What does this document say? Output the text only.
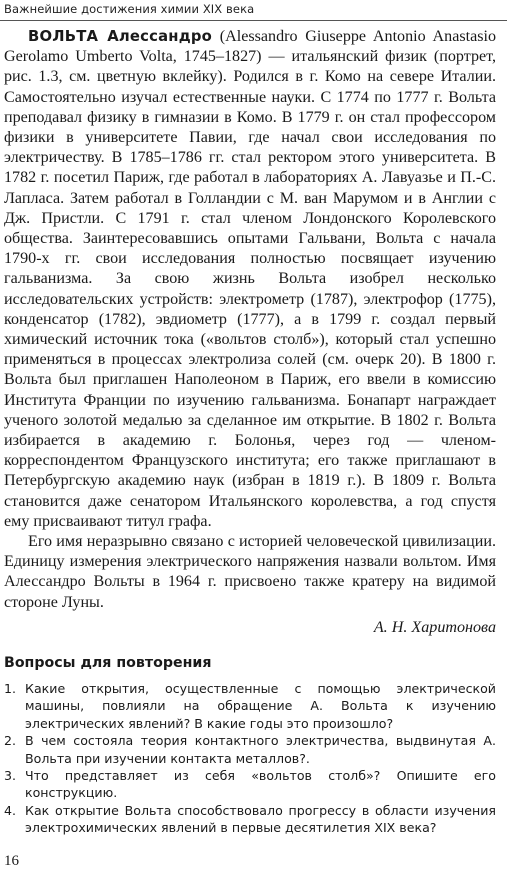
Важнейшие достижения химии XIX века

ВОЛЬТА Алессандро (Alessandro Giuseppe Antonio Anastasio Gerolamo Umberto Volta, 1745–1827) — итальянский физик (портрет, рис. 1.3, см. цветную вклейку). Родился в г. Комо на севере Италии. Самостоятельно изучал естественные науки. С 1774 по 1777 г. Вольта преподавал физику в гимназии в Комо. В 1779 г. он стал профессором физики в университете Павии, где начал свои исследования по электричеству. В 1785–1786 гг. стал ректором этого университета. В 1782 г. посетил Париж, где работал в лабораториях А. Лавуазье и П.-С. Лапласа. Затем работал в Голландии с М. ван Марумом и в Англии с Дж. Пристли. С 1791 г. стал членом Лондонского Королевского общества. Заинтересовавшись опытами Гальвани, Вольта с начала 1790-х гг. свои исследования полностью посвящает изучению гальванизма. За свою жизнь Вольта изобрел несколько исследовательских устройств: электрометр (1787), электрофор (1775), конденсатор (1782), эвдиометр (1777), а в 1799 г. создал первый химический источник тока («вольтов столб»), который стал успешно применяться в процессах электролиза солей (см. очерк 20). В 1800 г. Вольта был приглашен Наполеоном в Париж, его ввели в комиссию Института Франции по изучению гальванизма. Бонапарт награждает ученого золотой медалью за сделанное им открытие. В 1802 г. Вольта избирается в академию г. Болонья, через год — членом-корреспондентом Французского института; его также приглашают в Петербургскую академию наук (избран в 1819 г.). В 1809 г. Вольта становится даже сенатором Итальянского королевства, а год спустя ему присваивают титул графа.

Его имя неразрывно связано с историей человеческой цивилизации. Единицу измерения электрического напряжения назвали вольтом. Имя Алессандро Вольты в 1964 г. присвоено также кратеру на видимой стороне Луны.

А. Н. Харитонова
Вопросы для повторения
1. Какие открытия, осуществленные с помощью электрической машины, повлияли на обращение А. Вольта к изучению электрических явлений? В какие годы это произошло?
2. В чем состояла теория контактного электричества, выдвинутая А. Вольта при изучении контакта металлов?.
3. Что представляет из себя «вольтов столб»? Опишите его конструкцию.
4. Как открытие Вольта способствовало прогрессу в области изучения электрохимических явлений в первые десятилетия XIX века?
16
